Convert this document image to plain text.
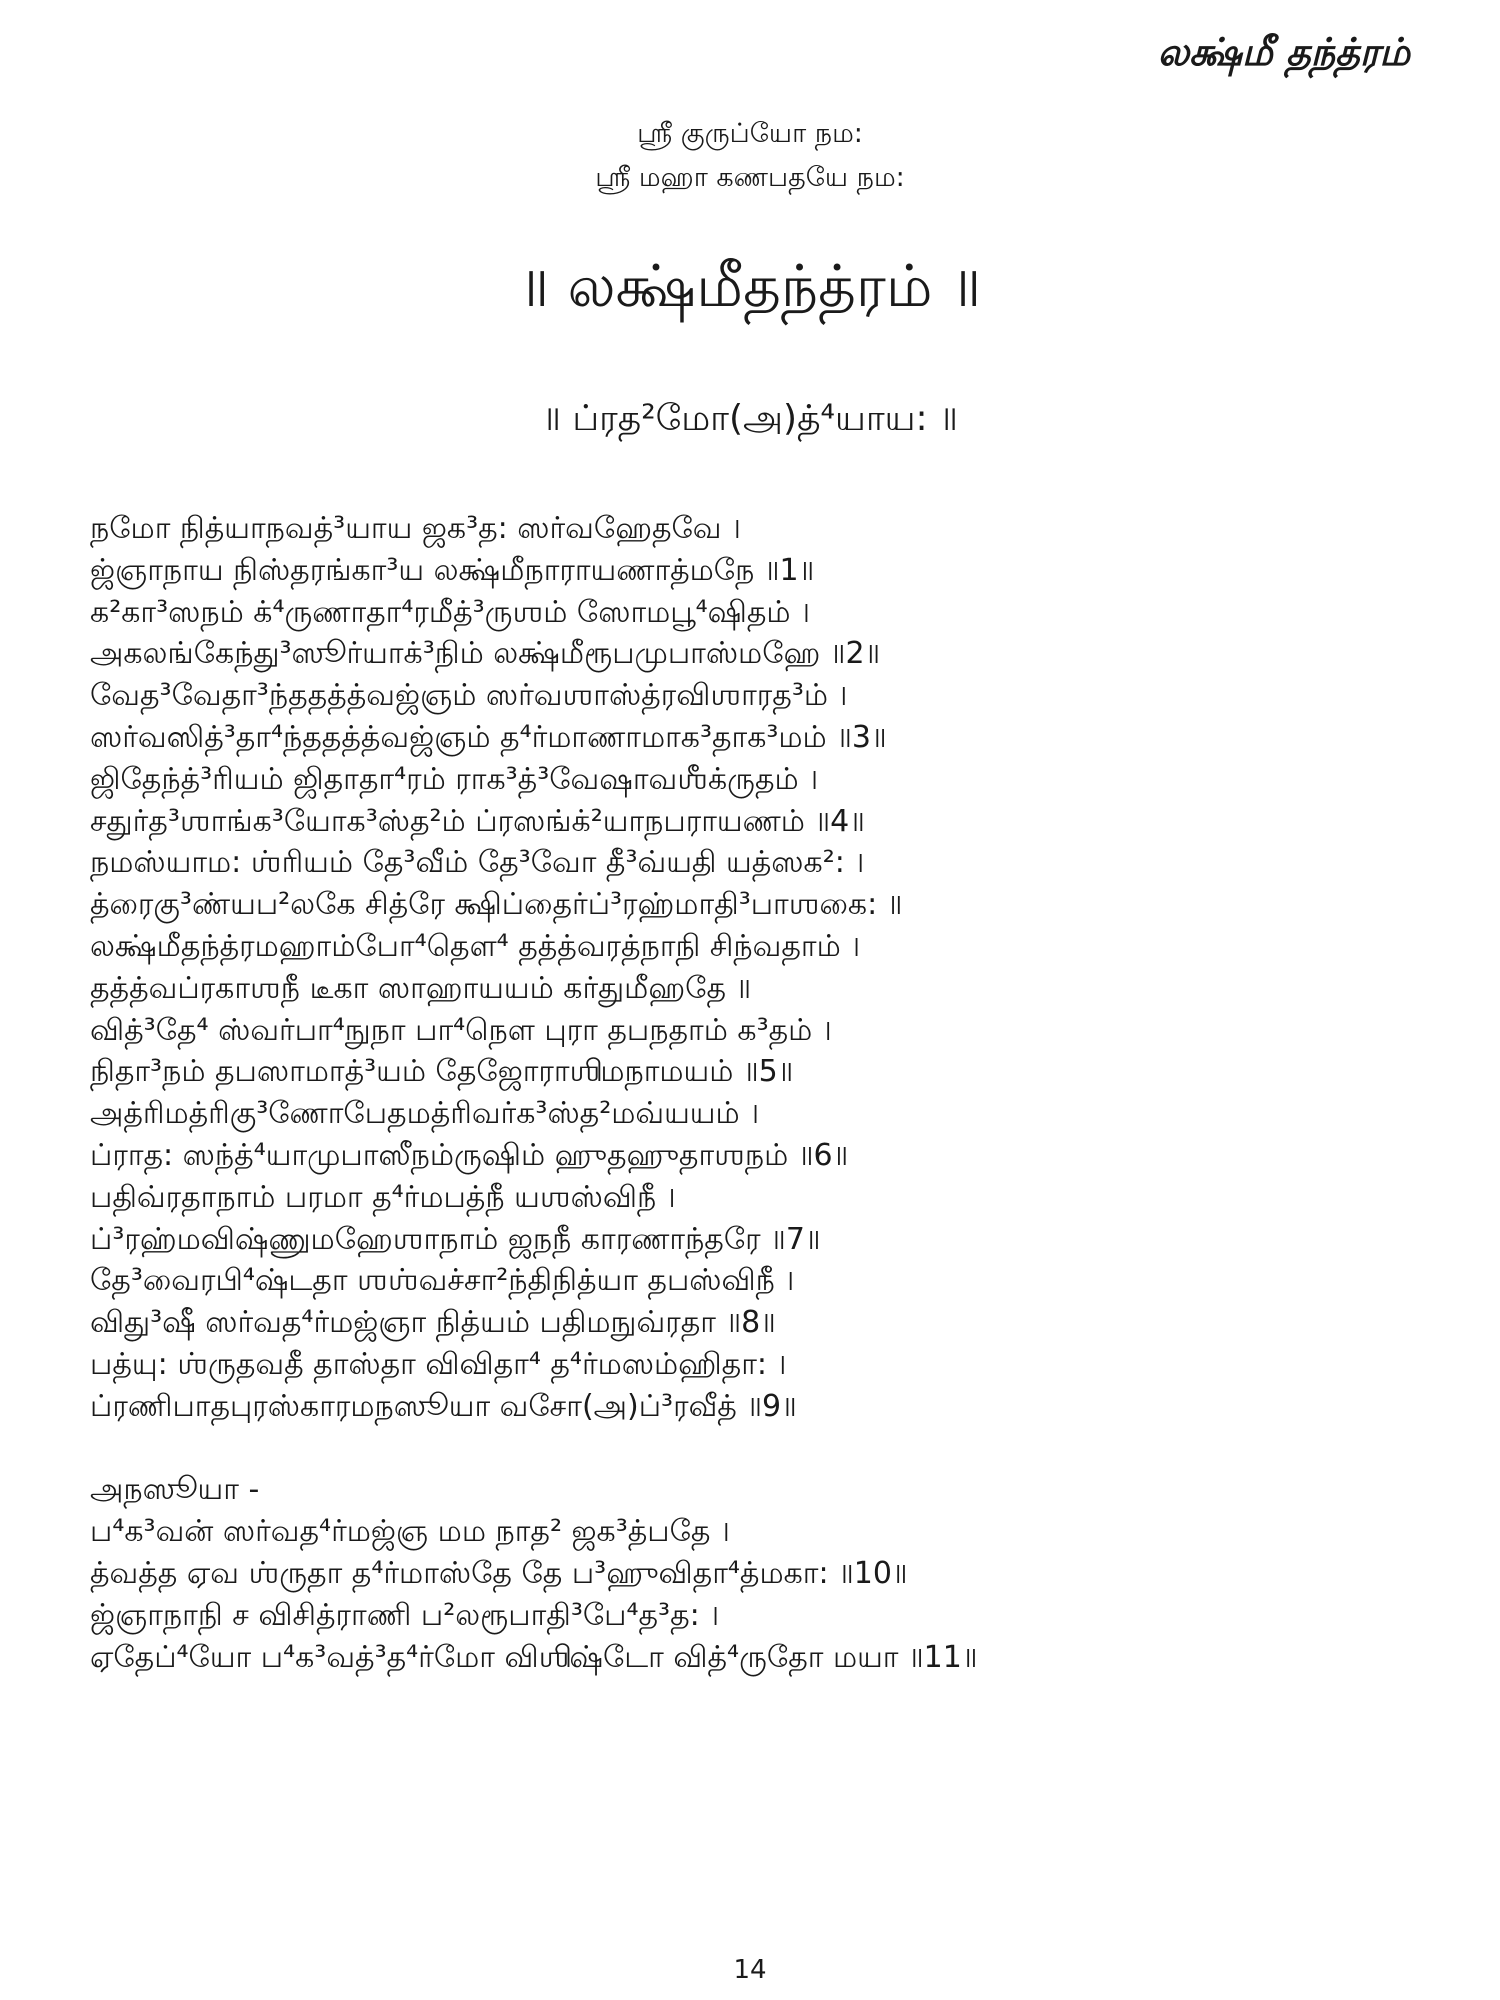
லக்ஷ்மீ தந்த்ரம்
ஶ்ரீ குருப்யோ நம:
ஶ்ரீ மஹா கணபதயே நம:
॥ லக்ஷ்மீதந்த்ரம் ॥
॥ ப்ரத²மோ(அ)த்⁴யாய꞉ ॥
நமோ நித்யாநவத்³யாய ஜக³த꞉ ஸர்வஹேதவே ।
ஜ்ஞாநாய நிஸ்தரங்கா³ய லக்ஷ்மீநாராயணாத்மநே ॥1॥
க²கா³ஸநம் க்⁴ருணாதா⁴ரமீத்³ருஶம் ஸோமபூ⁴ஷிதம் ।
அகலங்கேந்து³ஸூர்யாக்³நிம் லக்ஷ்மீரூபமுபாஸ்மஹே ॥2॥
வேத³வேதா³ந்ததத்த்வஜ்ஞம் ஸர்வஶாஸ்த்ரவிஶாரத³ம் ।
ஸர்வஸித்³தா⁴ந்ததத்த்வஜ்ஞம் த⁴ர்மாணாமாக³தாக³மம் ॥3॥
ஜிதேந்த்³ரியம் ஜிதாதா⁴ரம் ராக³த்³வேஷாவஶீக்ருதம் ।
சதுர்த³ஶாங்க³யோக³ஸ்த²ம் ப்ரஸங்க்²யாநபராயணம் ॥4॥
நமஸ்யாம꞉ ஶ்ரியம் தே³வீம் தே³வோ தீ³வ்யதி யத்ஸக²꞉ ।
த்ரைகு³ண்யப²லகே சித்ரே க்ஷிப்தைர்ப்³ரஹ்மாதி³பாஶகை꞉ ॥
லக்ஷ்மீதந்த்ரமஹாம்போ⁴தௌ⁴ தத்த்வரத்நாநி சிந்வதாம் ।
தத்த்வப்ரகாஶநீ டீகா ஸாஹாயயம் கர்துமீஹதே ॥
வித்³தே⁴ ஸ்வர்பா⁴நுநா பா⁴நௌ புரா தபநதாம் க³தம் ।
நிதா³நம் தபஸாமாத்³யம் தேஜோராஶிமநாமயம் ॥5॥
அத்ரிமத்ரிகு³ணோபேதமத்ரிவர்க³ஸ்த²மவ்யயம் ।
ப்ராத꞉ ஸந்த்⁴யாமுபாஸீநம்ருஷிம் ஹுதஹுதாஶநம் ॥6॥
பதிவ்ரதாநாம் பரமா த⁴ர்மபத்நீ யஶஸ்விநீ ।
ப்³ரஹ்மவிஷ்ணுமஹேஶாநாம் ஜநநீ காரணாந்தரே ॥7॥
தே³வைரபி⁴ஷ்டதா ஶஶ்வச்சா²ந்திநித்யா தபஸ்விநீ ।
விது³ஷீ ஸர்வத⁴ர்மஜ்ஞா நித்யம் பதிமநுவ்ரதா ॥8॥
பத்யு꞉ ஶ்ருதவதீ தாஸ்தா விவிதா⁴ த⁴ர்மஸம்ஹிதா꞉ ।
ப்ரணிபாதபுரஸ்காரமநஸூயா வசோ(அ)ப்³ரவீத் ॥9॥
அநஸூயா -
ப⁴க³வன் ஸர்வத⁴ர்மஜ்ஞ மம நாத² ஜக³த்பதே ।
த்வத்த ஏவ ஶ்ருதா த⁴ர்மாஸ்தே தே ப³ஹுவிதா⁴த்மகா꞉ ॥10॥
ஜ்ஞாநாநி ச விசித்ராணி ப²லரூபாதி³பே⁴த³த꞉ ।
ஏதேப்⁴யோ ப⁴க³வத்³த⁴ர்மோ விஶிஷ்டோ வித்⁴ருதோ மயா ॥11॥
14
